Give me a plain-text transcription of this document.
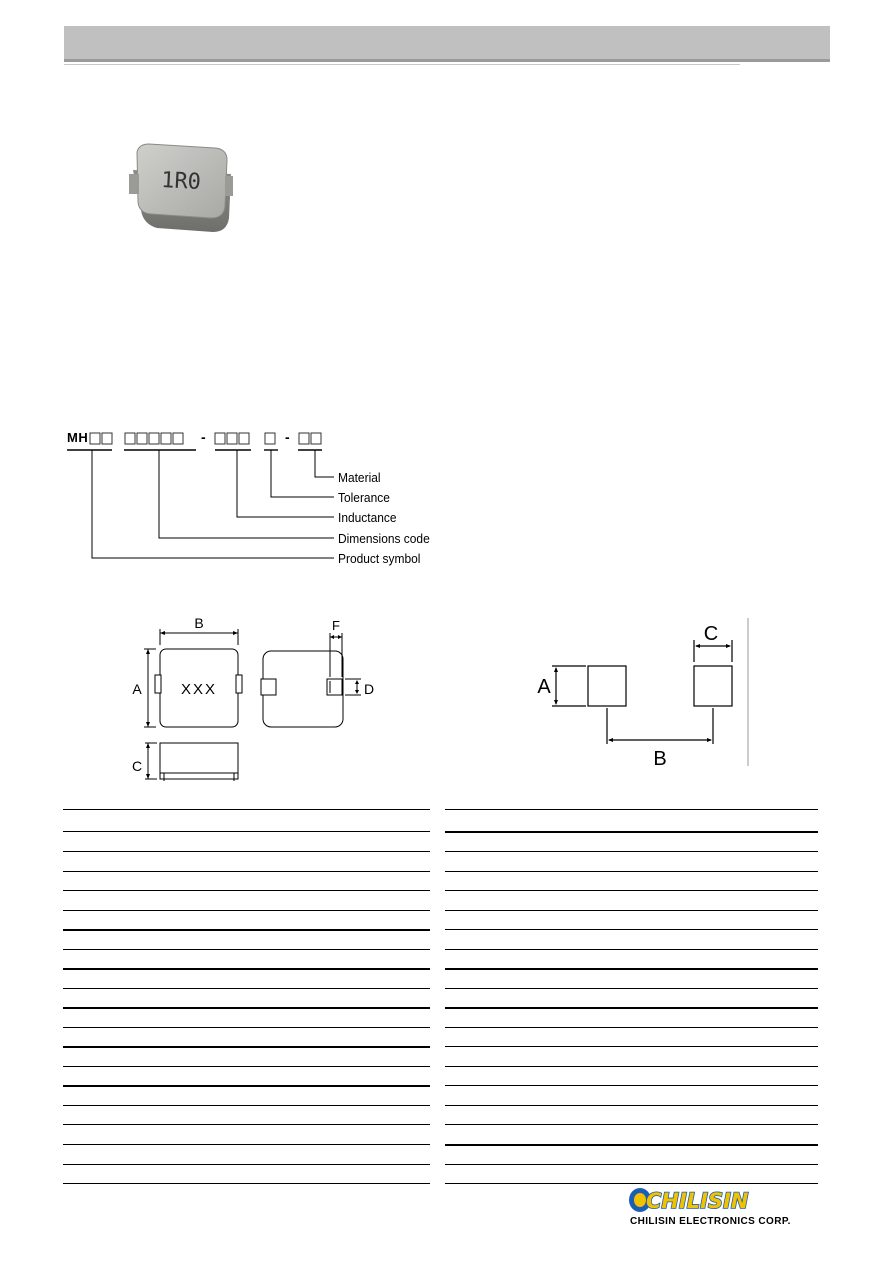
1R0
MH	-	-
Material
Tolerance
Inductance
Dimensions code
Product symbol
B
A	XXX
F
D
C
A
C
B
CHILISIN
CHILISIN ELECTRONICS CORP.
